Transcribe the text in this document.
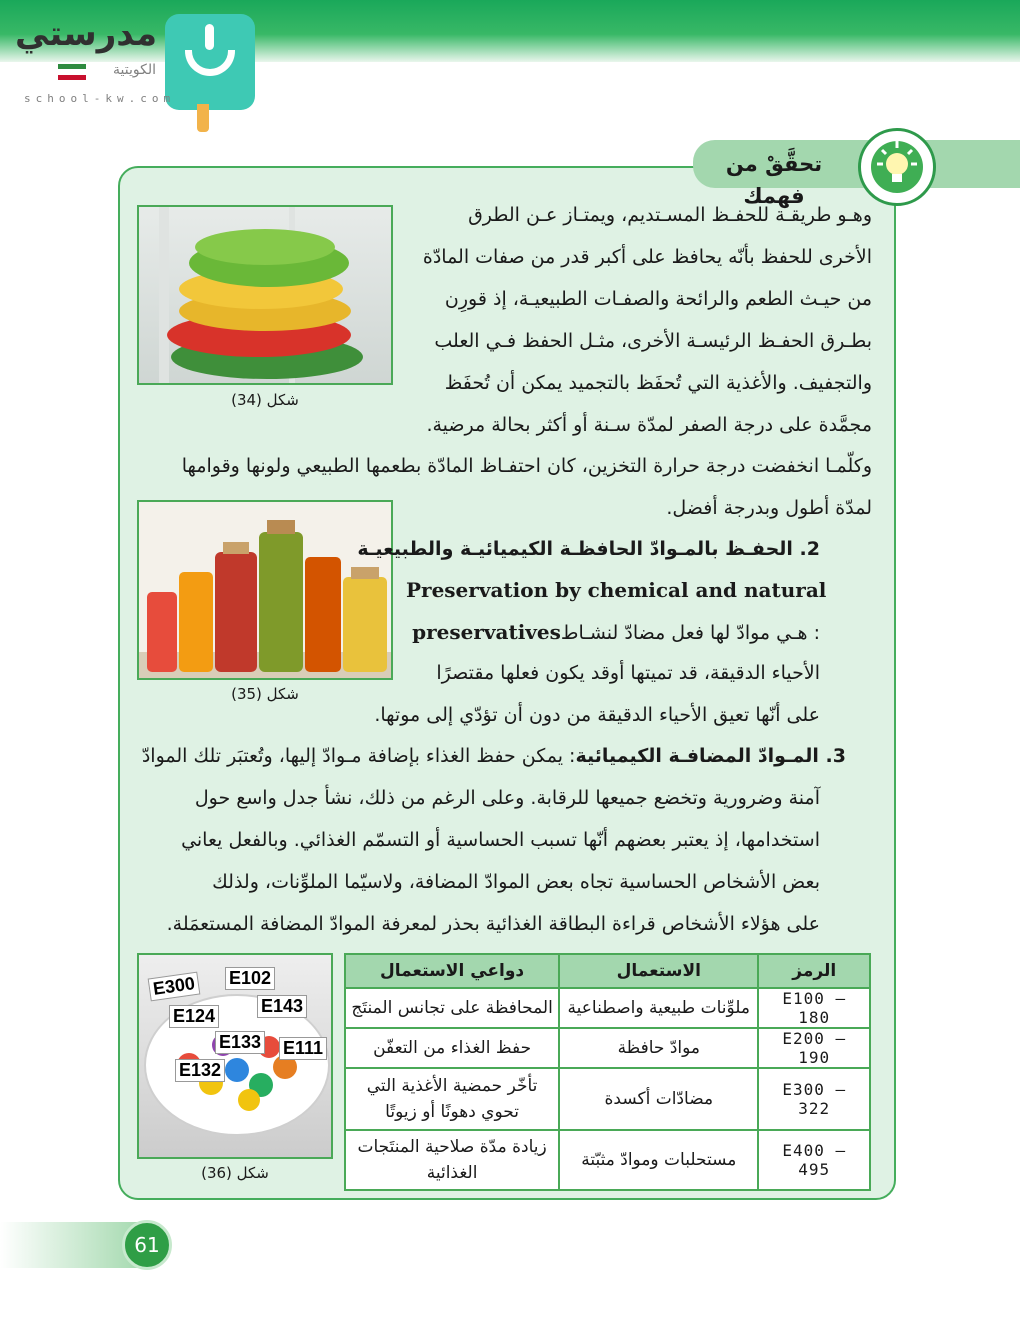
مدرستي
الكويتية
school-kw.com
تحقَّقْ من فهمك
شكل (34)
وهـو طريقـة للحفـظ المسـتديم، ويمتـاز عـن الطرق
الأخرى للحفظ بأنّه يحافظ على أكبر قدر من صفات المادّة
من حيـث الطعم والرائحة والصفـات الطبيعيـة، إذ قورِن
بطـرق الحفـظ الرئيسـة الأخرى، مثـل الحفظ فـي العلب
والتجفيف. والأغذية التي تُحفَظ بالتجميد يمكن أن تُحفَظ
مجمَّدة على درجة الصفر لمدّة سـنة أو أكثر بحالة مرضية.
وكلّمـا انخفضت درجة حرارة التخزين، كان احتفـاظ المادّة بطعمها الطبيعي ولونها وقوامها
لمدّة أطول وبدرجة أفضل.
شكل (35)
2. الحفـظ بالمـوادّ الحافظـة الكيميائيـة والطبيعيـة
Preservation by chemical and natural
: هـي موادّ لها فعل مضادّ لنشـاطpreservatives
الأحياء الدقيقة، قد تميتها أوقد يكون فعلها مقتصرًا
على أنّها تعيق الأحياء الدقيقة من دون أن تؤدّي إلى موتها.
3. المـوادّ المضافـة الكيميائية: يمكن حفظ الغذاء بإضافة مـوادّ إليها، وتُعتبَر تلك الموادّ
آمنة وضرورية وتخضع جميعها للرقابة. وعلى الرغم من ذلك، نشأ جدل واسع حول
استخدامها، إذ يعتبر بعضهم أنّها تسبب الحساسية أو التسمّم الغذائي. وبالفعل يعاني
بعض الأشخاص الحساسية تجاه بعض الموادّ المضافة، ولاسيّما الملوِّنات، ولذلك
على هؤلاء الأشخاص قراءة البطاقة الغذائية بحذر لمعرفة الموادّ المضافة المستعمَلة.
E300 E102
E143
E124
E133 E111
E132
شكل (36)
الرمز	الاستعمال	دواعي الاستعمال
E100 – 180	ملوِّنات طبيعية واصطناعية	المحافظة على تجانس المنتَج
E200 – 190	موادّ حافظة	حفظ الغذاء من التعفّن
E300 – 322	مضادّات أكسدة	تأخّر حمضية الأغذية التي تحوي دهونًا أو زيوتًا
E400 – 495	مستحلبات وموادّ مثبّتة	زيادة مدّة صلاحية المنتَجات الغذائية
61
